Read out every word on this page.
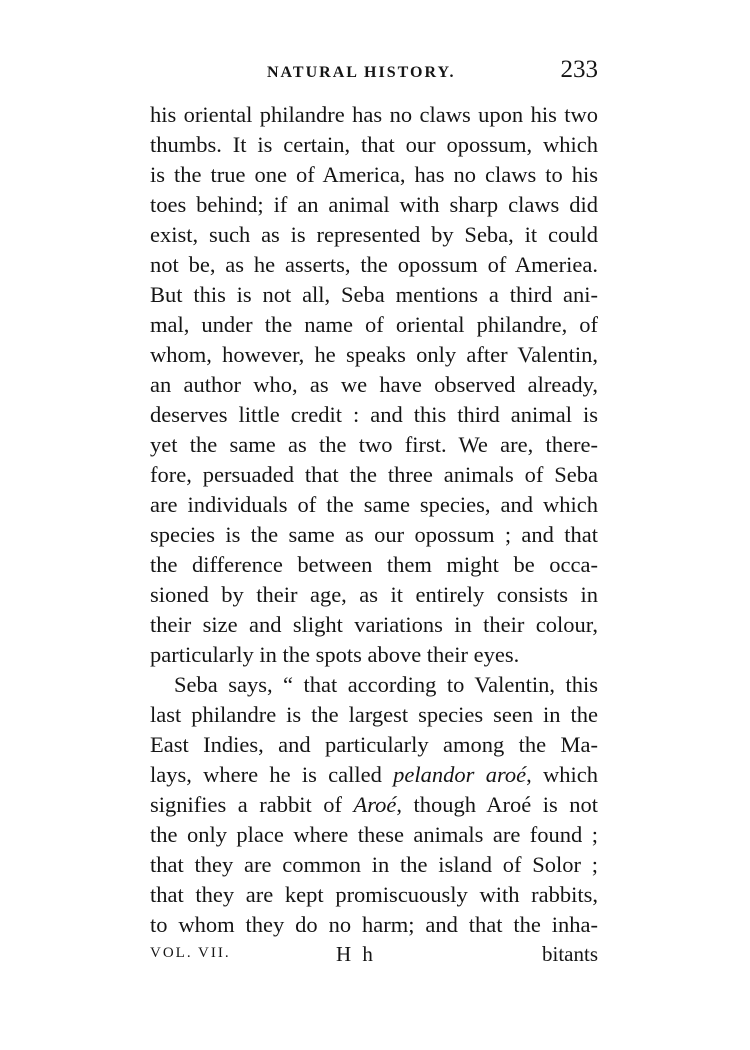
NATURAL HISTORY.	233
his oriental philandre has no claws upon his two
thumbs. It is certain, that our opossum, which
is the true one of America, has no claws to his
toes behind; if an animal with sharp claws did
exist, such as is represented by Seba, it could
not be, as he asserts, the opossum of Ameriea.
But this is not all, Seba mentions a third ani-
mal, under the name of oriental philandre, of
whom, however, he speaks only after Valentin,
an author who, as we have observed already,
deserves little credit : and this third animal is
yet the same as the two first. We are, there-
fore, persuaded that the three animals of Seba
are individuals of the same species, and which
species is the same as our opossum ; and that
the difference between them might be occa-
sioned by their age, as it entirely consists in
their size and slight variations in their colour,
particularly in the spots above their eyes.
Seba says, “ that according to Valentin, this
last philandre is the largest species seen in the
East Indies, and particularly among the Ma-
lays, where he is called pelandor aroé, which
signifies a rabbit of Aroé, though Aroé is not
the only place where these animals are found ;
that they are common in the island of Solor ;
that they are kept promiscuously with rabbits,
to whom they do no harm; and that the inha-
VOL. VII.	H h	bitants
